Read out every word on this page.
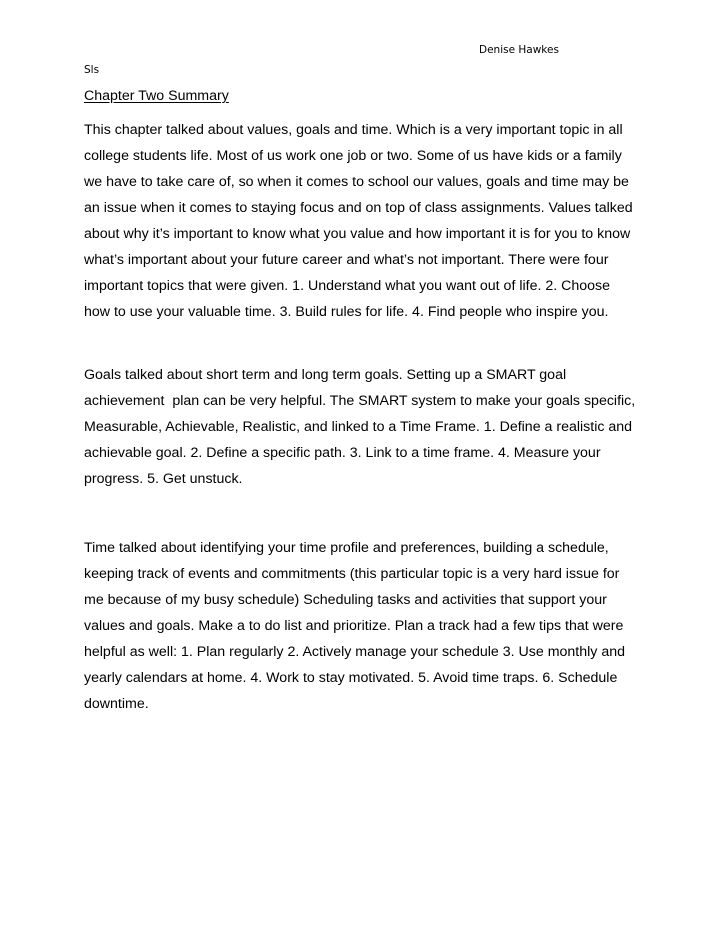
Denise Hawkes
Sls
Chapter Two Summary

This chapter talked about values, goals and time. Which is a very important topic in all
college students life. Most of us work one job or two. Some of us have kids or a family
we have to take care of, so when it comes to school our values, goals and time may be
an issue when it comes to staying focus and on top of class assignments. Values talked
about why it’s important to know what you value and how important it is for you to know
what’s important about your future career and what’s not important. There were four
important topics that were given. 1. Understand what you want out of life. 2. Choose
how to use your valuable time. 3. Build rules for life. 4. Find people who inspire you.

Goals talked about short term and long term goals. Setting up a SMART goal
achievement  plan can be very helpful. The SMART system to make your goals specific,
Measurable, Achievable, Realistic, and linked to a Time Frame. 1. Define a realistic and
achievable goal. 2. Define a specific path. 3. Link to a time frame. 4. Measure your
progress. 5. Get unstuck.

Time talked about identifying your time profile and preferences, building a schedule,
keeping track of events and commitments (this particular topic is a very hard issue for
me because of my busy schedule) Scheduling tasks and activities that support your
values and goals. Make a to do list and prioritize. Plan a track had a few tips that were
helpful as well: 1. Plan regularly 2. Actively manage your schedule 3. Use monthly and
yearly calendars at home. 4. Work to stay motivated. 5. Avoid time traps. 6. Schedule
downtime.
